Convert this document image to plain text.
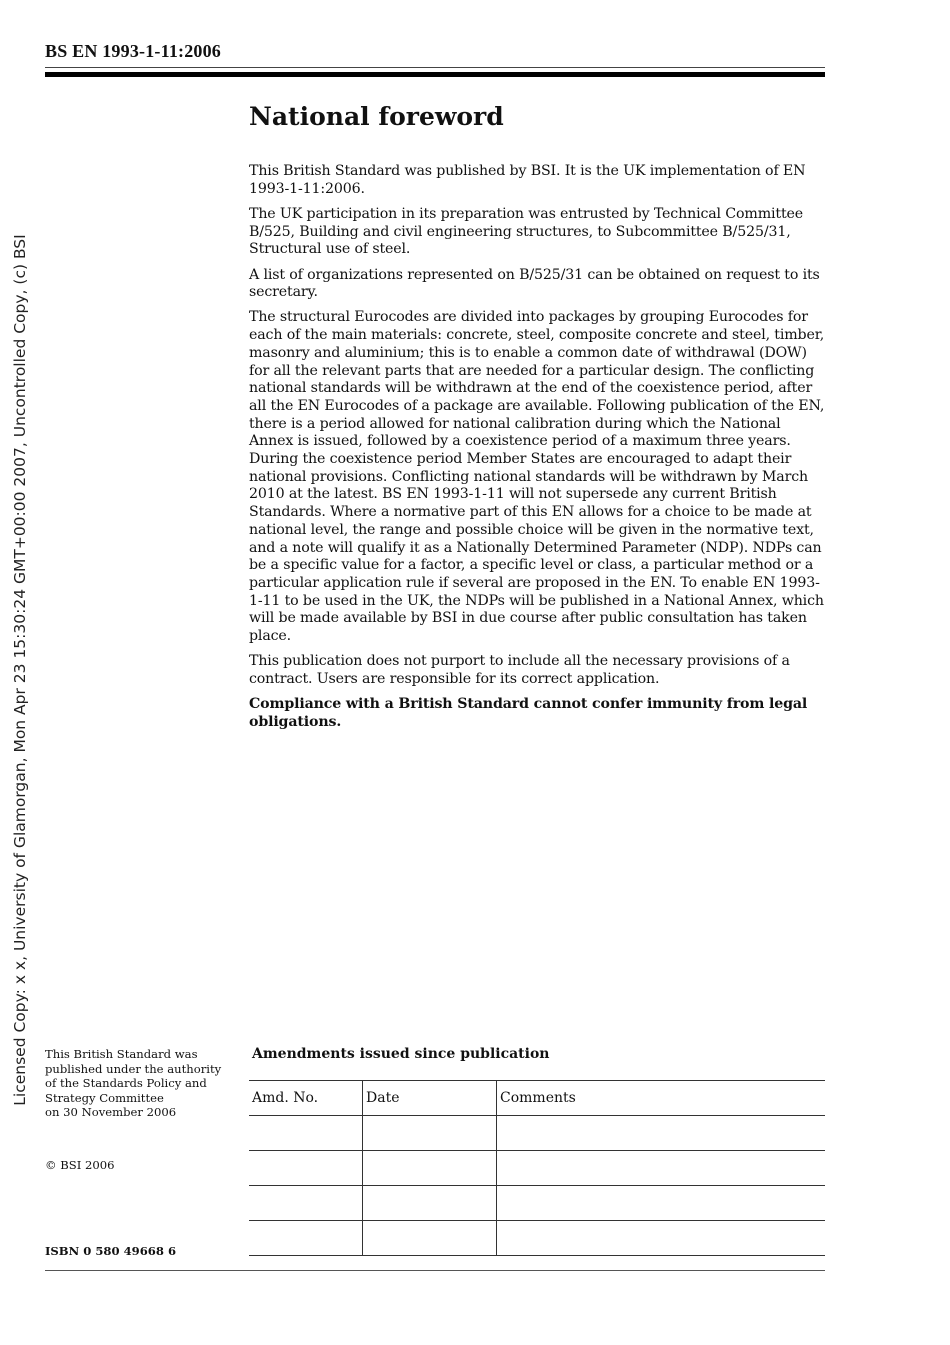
BS EN 1993-1-11:2006
Licensed Copy: x x, University of Glamorgan, Mon Apr 23 15:30:24 GMT+00:00 2007, Uncontrolled Copy, (c) BSI
National foreword

This British Standard was published by BSI. It is the UK implementation of EN 1993-1-11:2006.

The UK participation in its preparation was entrusted by Technical Committee B/525, Building and civil engineering structures, to Subcommittee B/525/31, Structural use of steel.

A list of organizations represented on B/525/31 can be obtained on request to its secretary.

The structural Eurocodes are divided into packages by grouping Eurocodes for each of the main materials: concrete, steel, composite concrete and steel, timber, masonry and aluminium; this is to enable a common date of withdrawal (DOW) for all the relevant parts that are needed for a particular design. The conflicting national standards will be withdrawn at the end of the coexistence period, after all the EN Eurocodes of a package are available. Following publication of the EN, there is a period allowed for national calibration during which the National Annex is issued, followed by a coexistence period of a maximum three years. During the coexistence period Member States are encouraged to adapt their national provisions. Conflicting national standards will be withdrawn by March 2010 at the latest. BS EN 1993-1-11 will not supersede any current British Standards. Where a normative part of this EN allows for a choice to be made at national level, the range and possible choice will be given in the normative text, and a note will qualify it as a Nationally Determined Parameter (NDP). NDPs can be a specific value for a factor, a specific level or class, a particular method or a particular application rule if several are proposed in the EN. To enable EN 1993-1-11 to be used in the UK, the NDPs will be published in a National Annex, which will be made available by BSI in due course after public consultation has taken place.

This publication does not purport to include all the necessary provisions of a contract. Users are responsible for its correct application.

Compliance with a British Standard cannot confer immunity from legal obligations.

This British Standard was
published under the authority
of the Standards Policy and
Strategy Committee
on 30 November 2006
© BSI 2006
ISBN 0 580 49668 6
Amendments issued since publication
Amd. No.	Date	Comments
